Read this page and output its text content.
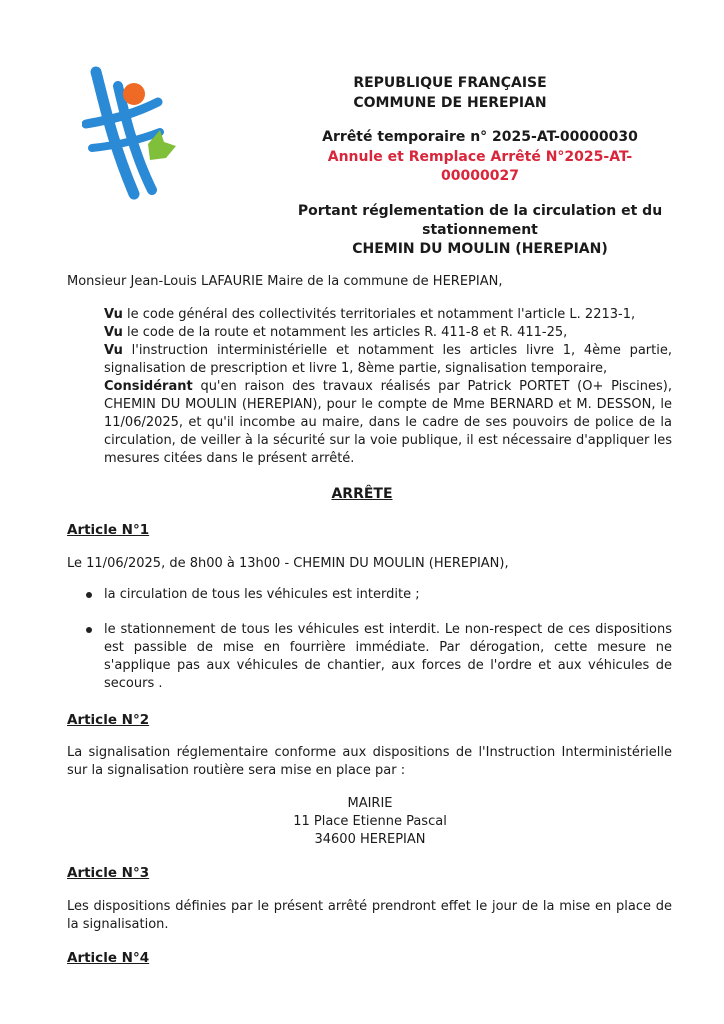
REPUBLIQUE FRANÇAISE
COMMUNE DE HEREPIAN
Arrêté temporaire n° 2025-AT-00000030
Annule et Remplace Arrêté N°2025-AT-
00000027
Portant réglementation de la circulation et du
stationnement
CHEMIN DU MOULIN (HEREPIAN)
Monsieur Jean-Louis LAFAURIE Maire de la commune de HEREPIAN,
Vu le code général des collectivités territoriales et notamment l'article L. 2213-1,
Vu le code de la route et notamment les articles R. 411-8 et R. 411-25,
Vu l'instruction interministérielle et notamment les articles livre 1, 4ème partie, signalisation de prescription et livre 1, 8ème partie, signalisation temporaire,
Considérant qu'en raison des travaux réalisés par Patrick PORTET (O+ Piscines), CHEMIN DU MOULIN (HEREPIAN), pour le compte de Mme BERNARD et M. DESSON, le 11/06/2025, et qu'il incombe au maire, dans le cadre de ses pouvoirs de police de la circulation, de veiller à la sécurité sur la voie publique, il est nécessaire d'appliquer les mesures citées dans le présent arrêté.
ARRÊTE
Article N°1
Le 11/06/2025, de 8h00 à 13h00 - CHEMIN DU MOULIN (HEREPIAN),
la circulation de tous les véhicules est interdite ;
le stationnement de tous les véhicules est interdit. Le non-respect de ces dispositions est passible de mise en fourrière immédiate. Par dérogation, cette mesure ne s'applique pas aux véhicules de chantier, aux forces de l'ordre et aux véhicules de secours .
Article N°2
La signalisation réglementaire conforme aux dispositions de l'Instruction Interministérielle sur la signalisation routière sera mise en place par :
MAIRIE
11 Place Etienne Pascal
34600 HEREPIAN
Article N°3
Les dispositions définies par le présent arrêté prendront effet le jour de la mise en place de la signalisation.
Article N°4
